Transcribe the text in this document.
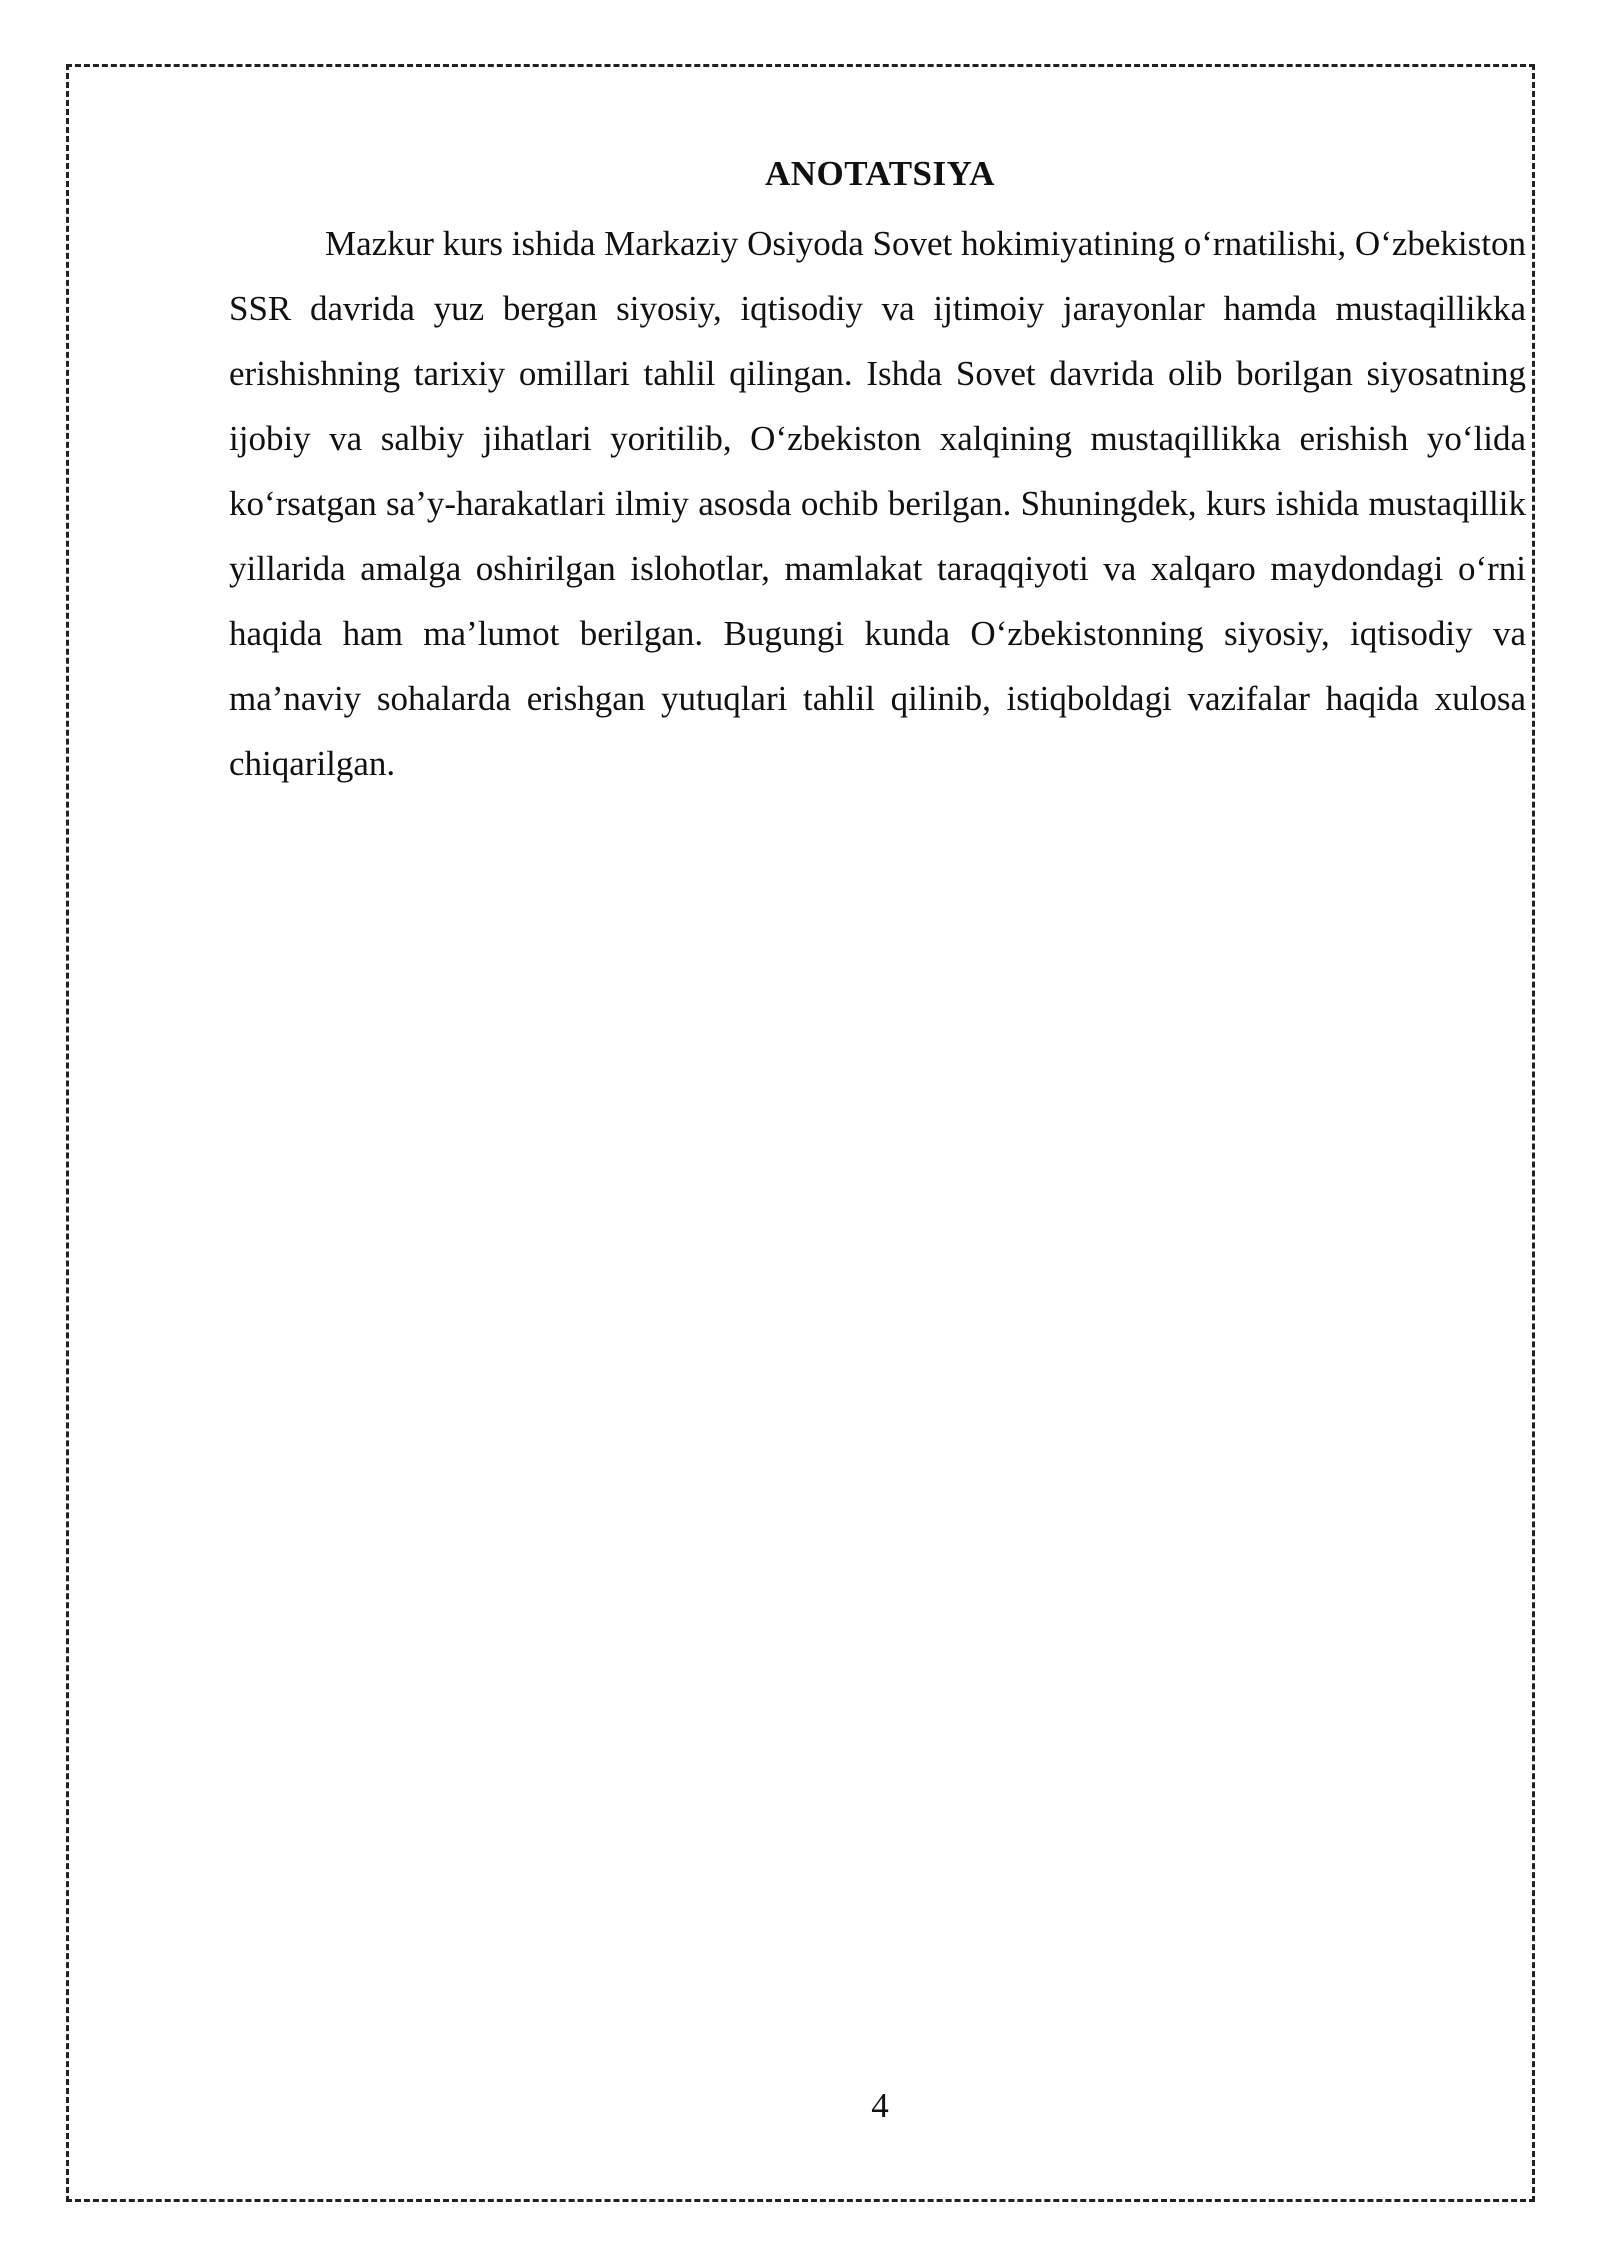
ANOTATSIYA

Mazkur kurs ishida Markaziy Osiyoda Sovet hokimiyatining o‘rnatilishi, O‘zbekiston SSR davrida yuz bergan siyosiy, iqtisodiy va ijtimoiy jarayonlar hamda mustaqillikka erishishning tarixiy omillari tahlil qilingan. Ishda Sovet davrida olib borilgan siyosatning ijobiy va salbiy jihatlari yoritilib, O‘zbekiston xalqining mustaqillikka erishish yo‘lida ko‘rsatgan sa’y-harakatlari ilmiy asosda ochib berilgan. Shuningdek, kurs ishida mustaqillik yillarida amalga oshirilgan islohotlar, mamlakat taraqqiyoti va xalqaro maydondagi o‘rni haqida ham ma’lumot berilgan. Bugungi kunda O‘zbekistonning siyosiy, iqtisodiy va ma’naviy sohalarda erishgan yutuqlari tahlil qilinib, istiqboldagi vazifalar haqida xulosa chiqarilgan.

4
